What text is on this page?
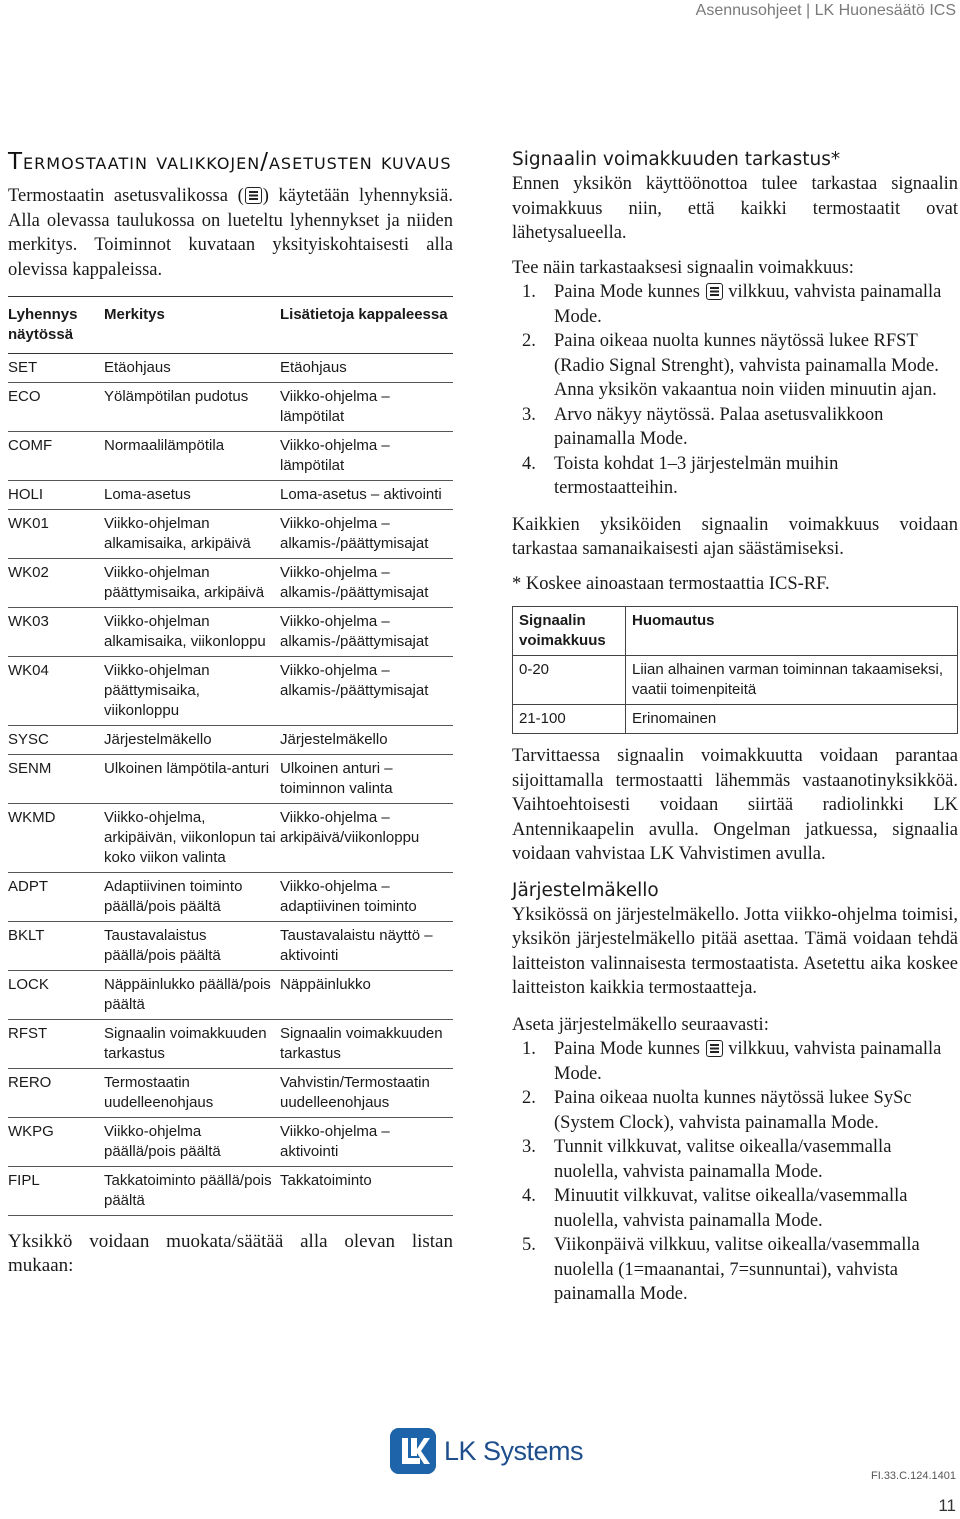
Asennusohjeet | LK Huonesäätö ICS
Termostaatin valikkojen/asetusten kuvaus

Termostaatin asetusvalikossa ( ) käytetään lyhennyksiä. Alla olevassa taulukossa on lueteltu lyhennykset ja niiden merkitys. Toiminnot kuvataan yksityiskohtaisesti alla olevissa kappaleissa.

Lyhennys näytössä	Merkitys	Lisätietoja kappaleessa
SET	Etäohjaus	Etäohjaus
ECO	Yölämpötilan pudotus	Viikko-ohjelma – lämpötilat
COMF	Normaalilämpötila	Viikko-ohjelma – lämpötilat
HOLI	Loma-asetus	Loma-asetus – aktivointi
WK01	Viikko-ohjelman alkamisaika, arkipäivä	Viikko-ohjelma – alkamis-/päättymisajat
WK02	Viikko-ohjelman päättymisaika, arkipäivä	Viikko-ohjelma – alkamis-/päättymisajat
WK03	Viikko-ohjelman alkamisaika, viikonloppu	Viikko-ohjelma – alkamis-/päättymisajat
WK04	Viikko-ohjelman päättymisaika, viikonloppu	Viikko-ohjelma – alkamis-/päättymisajat
SYSC	Järjestelmäkello	Järjestelmäkello
SENM	Ulkoinen lämpötila-anturi	Ulkoinen anturi – toiminnon valinta
WKMD	Viikko-ohjelma, arkipäivän, viikonlopun tai koko viikon valinta	Viikko-ohjelma – arkipäivä/viikonloppu
ADPT	Adaptiivinen toiminto päällä/pois päältä	Viikko-ohjelma – adaptiivinen toiminto
BKLT	Taustavalaistus päällä/pois päältä	Taustavalaistu näyttö – aktivointi
LOCK	Näppäinlukko päällä/pois päältä	Näppäinlukko
RFST	Signaalin voimakkuuden tarkastus	Signaalin voimakkuuden tarkastus
RERO	Termostaatin uudelleenohjaus	Vahvistin/Termostaatin uudelleenohjaus
WKPG	Viikko-ohjelma päällä/pois päältä	Viikko-ohjelma – aktivointi
FIPL	Takkatoiminto päällä/pois päältä	Takkatoiminto
Yksikkö voidaan muokata/säätää alla olevan listan mukaan:
Signaalin voimakkuuden tarkastus*

Ennen yksikön käyttöönottoa tulee tarkastaa signaalin voimakkuus niin, että kaikki termostaatit ovat lähetysalueella.

Tee näin tarkastaaksesi signaalin voimakkuus:

1. Paina Mode kunnes  vilkkuu, vahvista painamalla Mode.
2. Paina oikeaa nuolta kunnes näytössä lukee RFST (Radio Signal Strenght), vahvista painamalla Mode. Anna yksikön vakaantua noin viiden minuutin ajan.
3. Arvo näkyy näytössä. Palaa asetusvalikkoon painamalla Mode.
4. Toista kohdat 1–3 järjestelmän muihin termostaatteihin.

Kaikkien yksiköiden signaalin voimakkuus voidaan tarkastaa samanaikaisesti ajan säästämiseksi.

* Koskee ainoastaan termostaattia ICS-RF.

Signaalin voimakkuus	Huomautus
0-20	Liian alhainen varman toiminnan takaamiseksi, vaatii toimenpiteitä
21-100	Erinomainen

Tarvittaessa signaalin voimakkuutta voidaan parantaa sijoittamalla termostaatti lähemmäs vastaanotinyksikköä. Vaihtoehtoisesti voidaan siirtää radiolinkki LK Antennikaapelin avulla. Ongelman jatkuessa, signaalia voidaan vahvistaa LK Vahvistimen avulla.

Järjestelmäkello

Yksikössä on järjestelmäkello. Jotta viikko-ohjelma toimisi, yksikön järjestelmäkello pitää asettaa. Tämä voidaan tehdä laitteiston valinnaisesta termostaatista. Asetettu aika koskee laitteiston kaikkia termostaatteja.

Aseta järjestelmäkello seuraavasti:

1. Paina Mode kunnes  vilkkuu, vahvista painamalla Mode.
2. Paina oikeaa nuolta kunnes näytössä lukee SySc (System Clock), vahvista painamalla Mode.
3. Tunnit vilkkuvat, valitse oikealla/vasemmalla nuolella, vahvista painamalla Mode.
4. Minuutit vilkkuvat, valitse oikealla/vasemmalla nuolella, vahvista painamalla Mode.
5. Viikonpäivä vilkkuu, valitse oikealla/vasemmalla nuolella (1=maanantai, 7=sunnuntai), vahvista painamalla Mode.
LK Systems
FI.33.C.124.1401
11
